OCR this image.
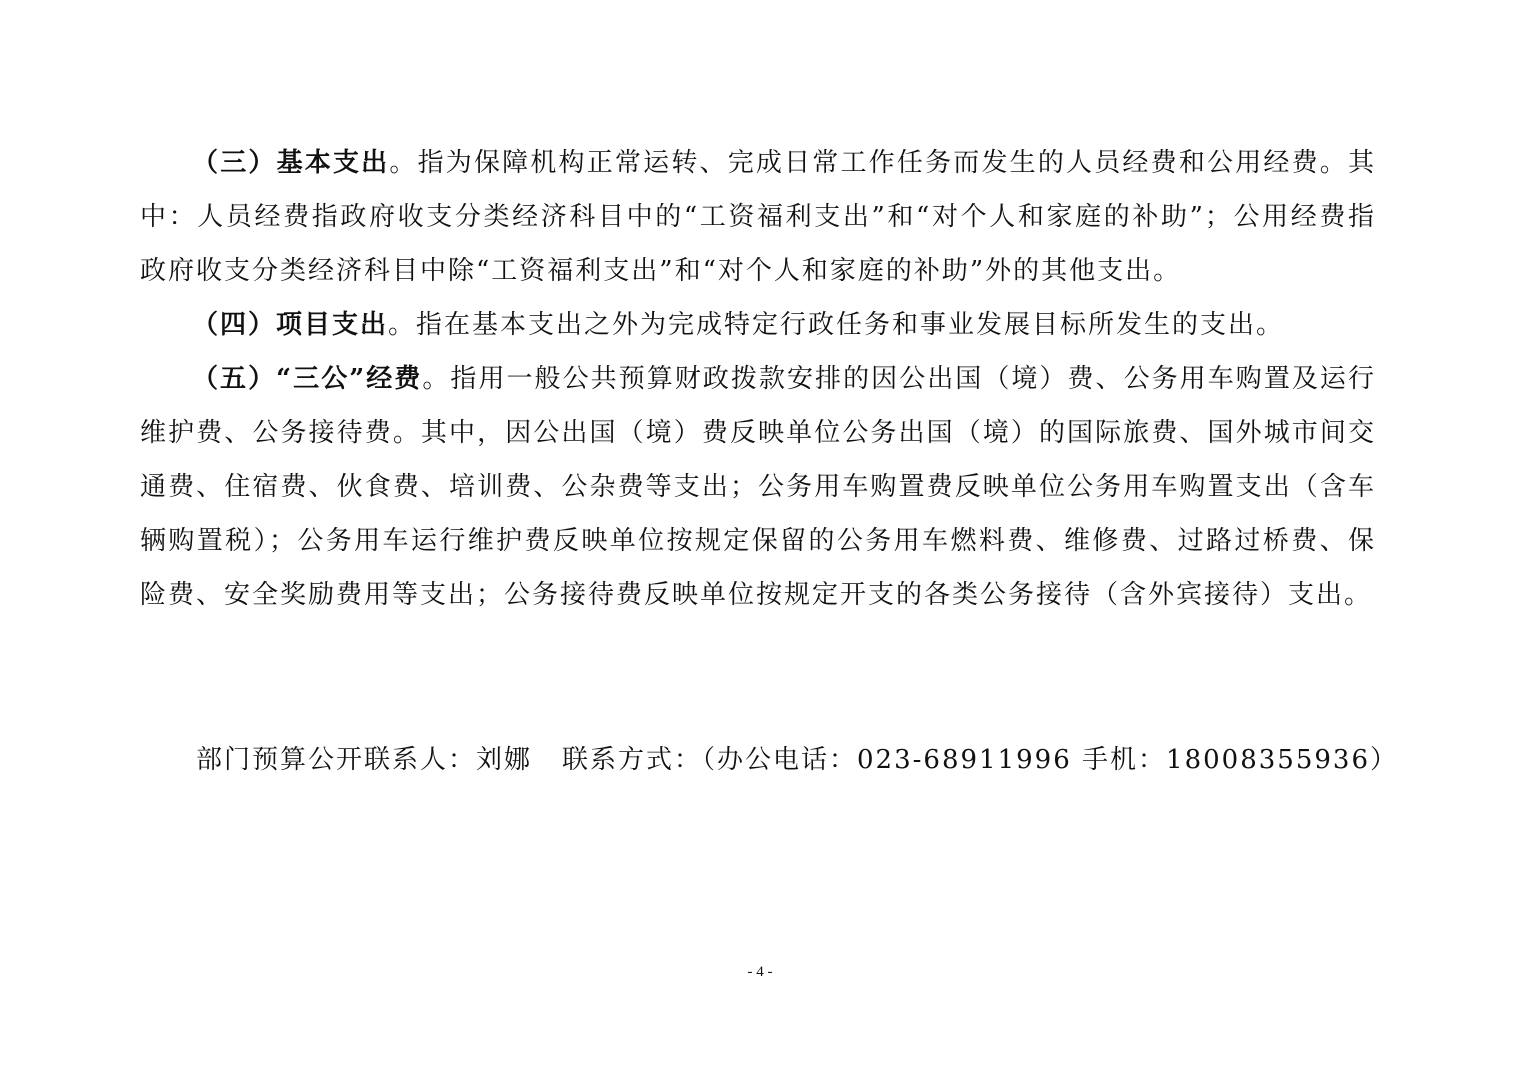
（三）基本支出。指为保障机构正常运转、完成日常工作任务而发生的人员经费和公用经费。其中：人员经费指政府收支分类经济科目中的“工资福利支出”和“对个人和家庭的补助”；公用经费指政府收支分类经济科目中除“工资福利支出”和“对个人和家庭的补助”外的其他支出。

（四）项目支出。指在基本支出之外为完成特定行政任务和事业发展目标所发生的支出。

（五）“三公”经费。指用一般公共预算财政拨款安排的因公出国（境）费、公务用车购置及运行维护费、公务接待费。其中，因公出国（境）费反映单位公务出国（境）的国际旅费、国外城市间交通费、住宿费、伙食费、培训费、公杂费等支出；公务用车购置费反映单位公务用车购置支出（含车辆购置税）；公务用车运行维护费反映单位按规定保留的公务用车燃料费、维修费、过路过桥费、保险费、安全奖励费用等支出；公务接待费反映单位按规定开支的各类公务接待（含外宾接待）支出。

部门预算公开联系人：刘娜 联系方式：（办公电话：023-68911996 手机：18008355936）
- 4 -
